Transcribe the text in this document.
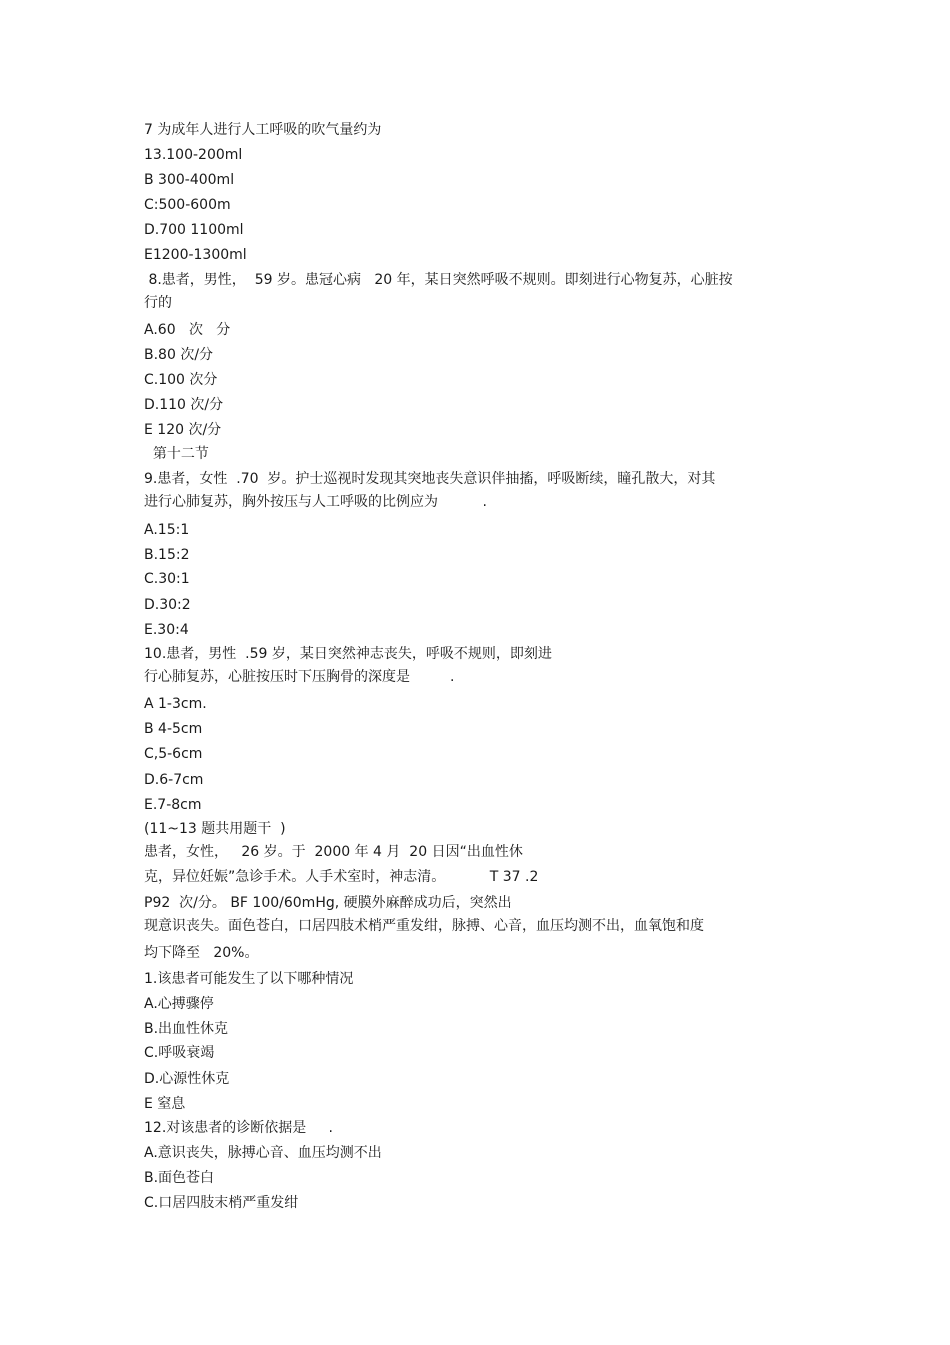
7 为成年人进行人工呼吸的吹气量约为

13.100-200ml

B 300-400ml

C:500-600m

D.700 1100ml

E1200-1300ml

8.患者，男性，  59 岁。患冠心病   20 年，某日突然呼吸不规则。即刻进行心物复苏，心脏按

行的

A.60   次   分

B.80 次/分

C.100 次分

D.110 次/分

E 120 次/分

第十二节

9.患者，女性  .70  岁。护士巡视时发现其突地丧失意识伴抽搐，呼吸断续，瞳孔散大，对其

进行心肺复苏，胸外按压与人工呼吸的比例应为          .

A.15:1

B.15:2

C.30:1

D.30:2

E.30:4

10.患者，男性  .59 岁，某日突然神志丧失，呼吸不规则，即刻进

行心肺复苏，心脏按压时下压胸骨的深度是         .

A 1-3cm.

B 4-5cm

C,5-6cm

D.6-7cm

E.7-8cm

(11~13 题共用题干  )

患者，女性，   26 岁。于  2000 年 4 月  20 日因“出血性休

克，异位妊娠”急诊手术。人手术室时，神志清。          T 37 .2

P92  次/分。 BF 100/60mHg, 硬膜外麻醉成功后，突然出

现意识丧失。面色苍白，口居四肢术梢严重发绀，脉搏、心音，血压均测不出，血氧饱和度

均下降至   20%。

1.该患者可能发生了以下哪种情况

A.心搏骤停

B.出血性休克

C.呼吸衰竭

D.心源性休克

E 窒息

12.对该患者的诊断依据是     .

A.意识丧失，脉搏心音、血压均测不出

B.面色苍白

C.口居四肢末梢严重发绀
